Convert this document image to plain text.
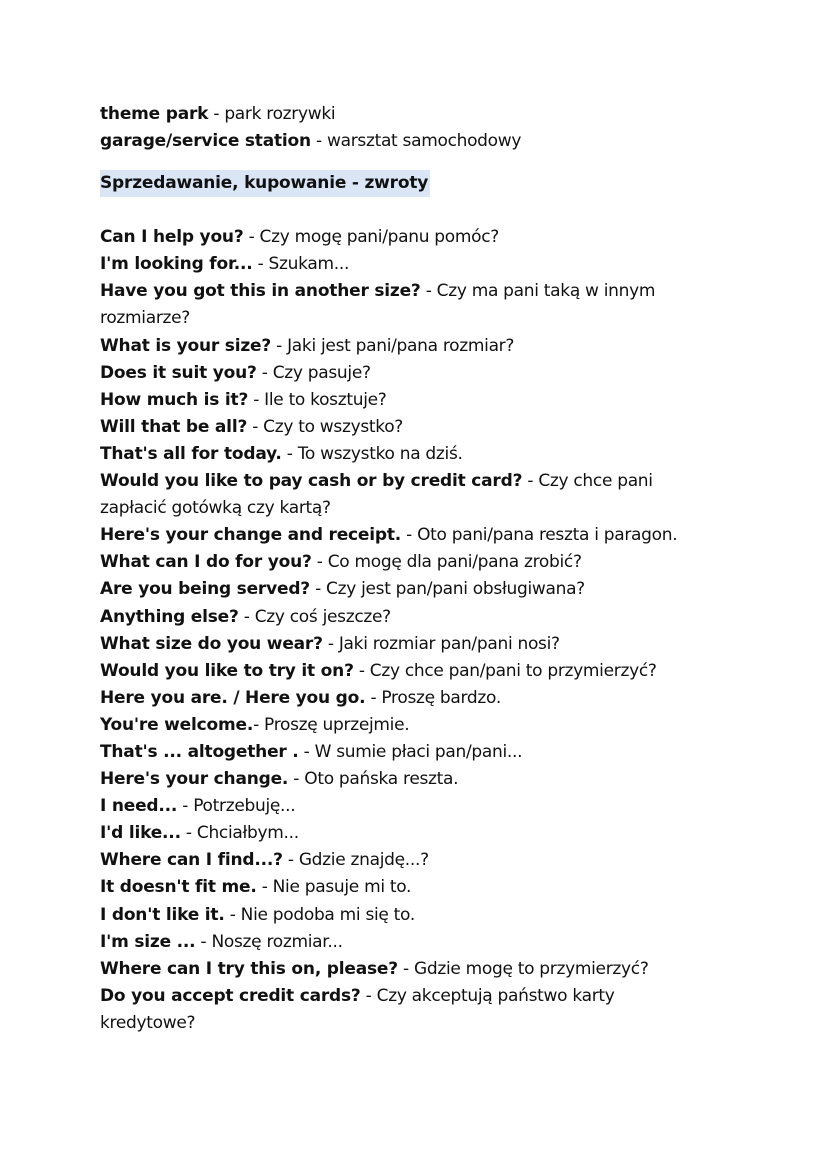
theme park - park rozrywki
garage/service station - warsztat samochodowy
Sprzedawanie, kupowanie - zwroty
Can I help you? - Czy mogę pani/panu pomóc?
I'm looking for... - Szukam...
Have you got this in another size? - Czy ma pani taką w innym
rozmiarze?
What is your size? - Jaki jest pani/pana rozmiar?
Does it suit you? - Czy pasuje?
How much is it? - Ile to kosztuje?
Will that be all? - Czy to wszystko?
That's all for today. - To wszystko na dziś.
Would you like to pay cash or by credit card? - Czy chce pani
zapłacić gotówką czy kartą?
Here's your change and receipt. - Oto pani/pana reszta i paragon.
What can I do for you? - Co mogę dla pani/pana zrobić?
Are you being served? - Czy jest pan/pani obsługiwana?
Anything else? - Czy coś jeszcze?
What size do you wear? - Jaki rozmiar pan/pani nosi?
Would you like to try it on? - Czy chce pan/pani to przymierzyć?
Here you are. / Here you go. - Proszę bardzo.
You're welcome.- Proszę uprzejmie.
That's ... altogether . - W sumie płaci pan/pani...
Here's your change. - Oto pańska reszta.
I need... - Potrzebuję...
I'd like... - Chciałbym...
Where can I find...? - Gdzie znajdę...?
It doesn't fit me. - Nie pasuje mi to.
I don't like it. - Nie podoba mi się to.
I'm size ... - Noszę rozmiar...
Where can I try this on, please? - Gdzie mogę to przymierzyć?
Do you accept credit cards? - Czy akceptują państwo karty
kredytowe?
